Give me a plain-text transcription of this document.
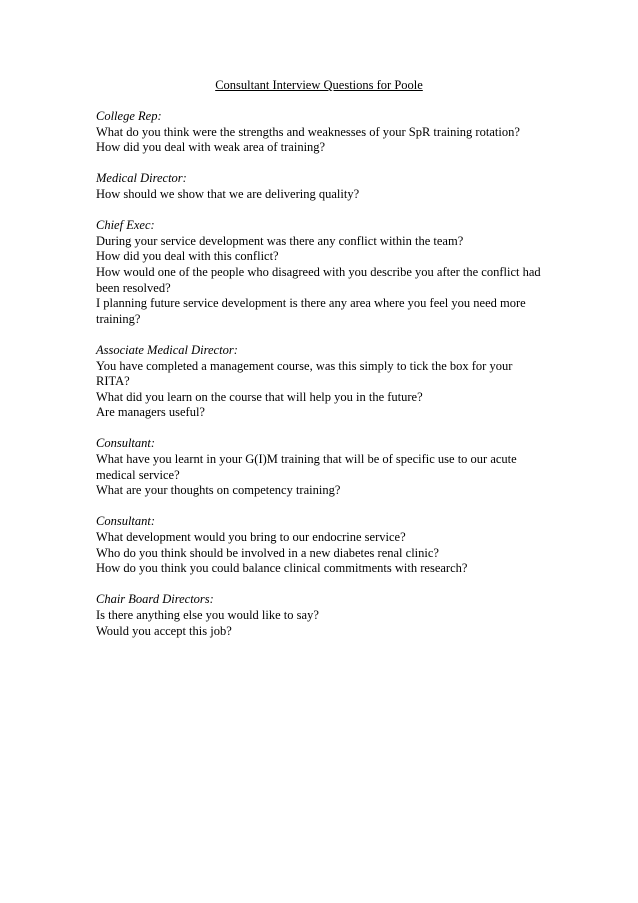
Consultant Interview Questions for Poole
College Rep:
What do you think were the strengths and weaknesses of your SpR training rotation?
How did you deal with weak area of training?
Medical Director:
How should we show that we are delivering quality?
Chief Exec:
During your service development was there any conflict within the team?
How did you deal with this conflict?
How would one of the people who disagreed with you describe you after the conflict had been resolved?
I planning future service development is there any area where you feel you need more training?
Associate Medical Director:
You have completed a management course, was this simply to tick the box for your RITA?
What did you learn on the course that will help you in the future?
Are managers useful?
Consultant:
What have you learnt in your G(I)M training that will be of specific use to our acute medical service?
What are your thoughts on competency training?
Consultant:
What development would you bring to our endocrine service?
Who do you think should be involved in a new diabetes renal clinic?
How do you think you could balance clinical commitments with research?
Chair Board Directors:
Is there anything else you would like to say?
Would you accept this job?
